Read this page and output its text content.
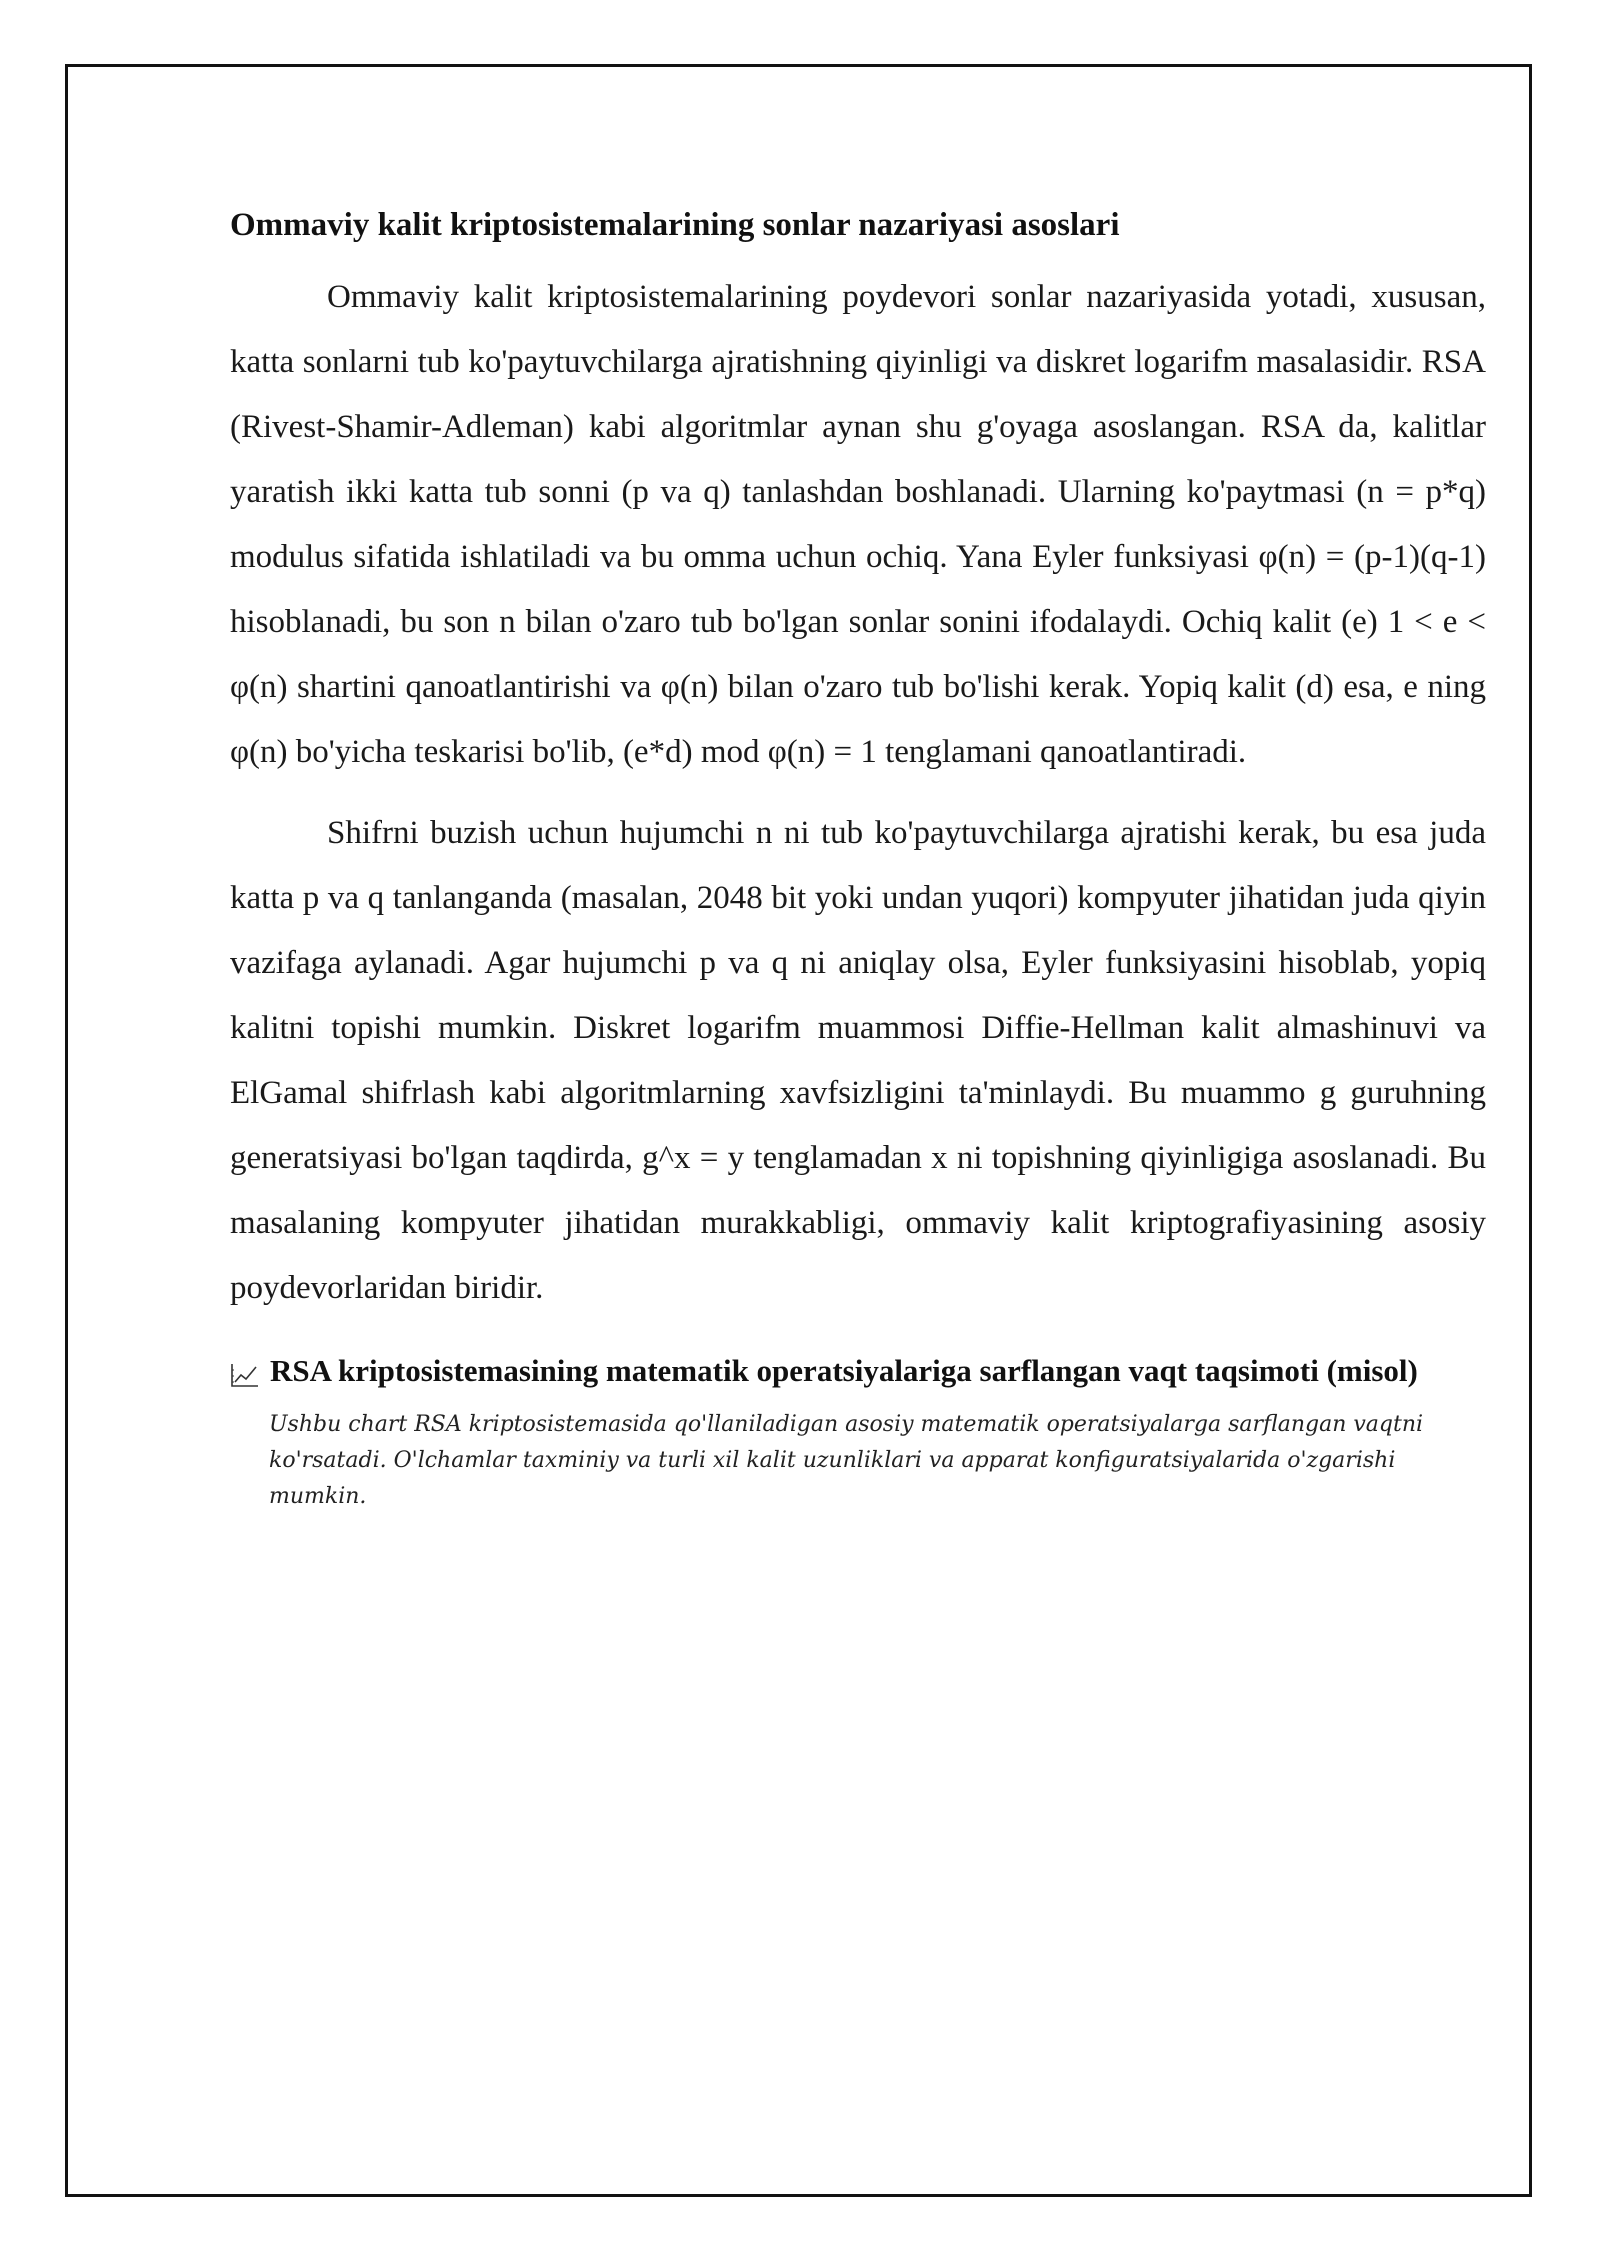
Ommaviy kalit kriptosistemalarining sonlar nazariyasi asoslari

Ommaviy kalit kriptosistemalarining poydevori sonlar nazariyasida yotadi, xususan, katta sonlarni tub ko'paytuvchilarga ajratishning qiyinligi va diskret logarifm masalasidir. RSA (Rivest-Shamir-Adleman) kabi algoritmlar aynan shu g'oyaga asoslangan. RSA da, kalitlar yaratish ikki katta tub sonni (p va q) tanlashdan boshlanadi. Ularning ko'paytmasi (n = p*q) modulus sifatida ishlatiladi va bu omma uchun ochiq. Yana Eyler funksiyasi φ(n) = (p-1)(q-1) hisoblanadi, bu son n bilan o'zaro tub bo'lgan sonlar sonini ifodalaydi. Ochiq kalit (e) 1 < e < φ(n) shartini qanoatlantirishi va φ(n) bilan o'zaro tub bo'lishi kerak. Yopiq kalit (d) esa, e ning φ(n) bo'yicha teskarisi bo'lib, (e*d) mod φ(n) = 1 tenglamani qanoatlantiradi.

Shifrni buzish uchun hujumchi n ni tub ko'paytuvchilarga ajratishi kerak, bu esa juda katta p va q tanlanganda (masalan, 2048 bit yoki undan yuqori) kompyuter jihatidan juda qiyin vazifaga aylanadi. Agar hujumchi p va q ni aniqlay olsa, Eyler funksiyasini hisoblab, yopiq kalitni topishi mumkin. Diskret logarifm muammosi Diffie-Hellman kalit almashinuvi va ElGamal shifrlash kabi algoritmlarning xavfsizligini ta'minlaydi. Bu muammo g guruhning generatsiyasi bo'lgan taqdirda, g^x = y tenglamadan x ni topishning qiyinligiga asoslanadi. Bu masalaning kompyuter jihatidan murakkabligi, ommaviy kalit kriptografiyasining asosiy poydevorlaridan biridir.

RSA kriptosistemasining matematik operatsiyalariga sarflangan vaqt taqsimoti (misol)

Ushbu chart RSA kriptosistemasida qo'llaniladigan asosiy matematik operatsiyalarga sarflangan vaqtni ko'rsatadi. O'lchamlar taxminiy va turli xil kalit uzunliklari va apparat konfiguratsiyalarida o'zgarishi mumkin.
